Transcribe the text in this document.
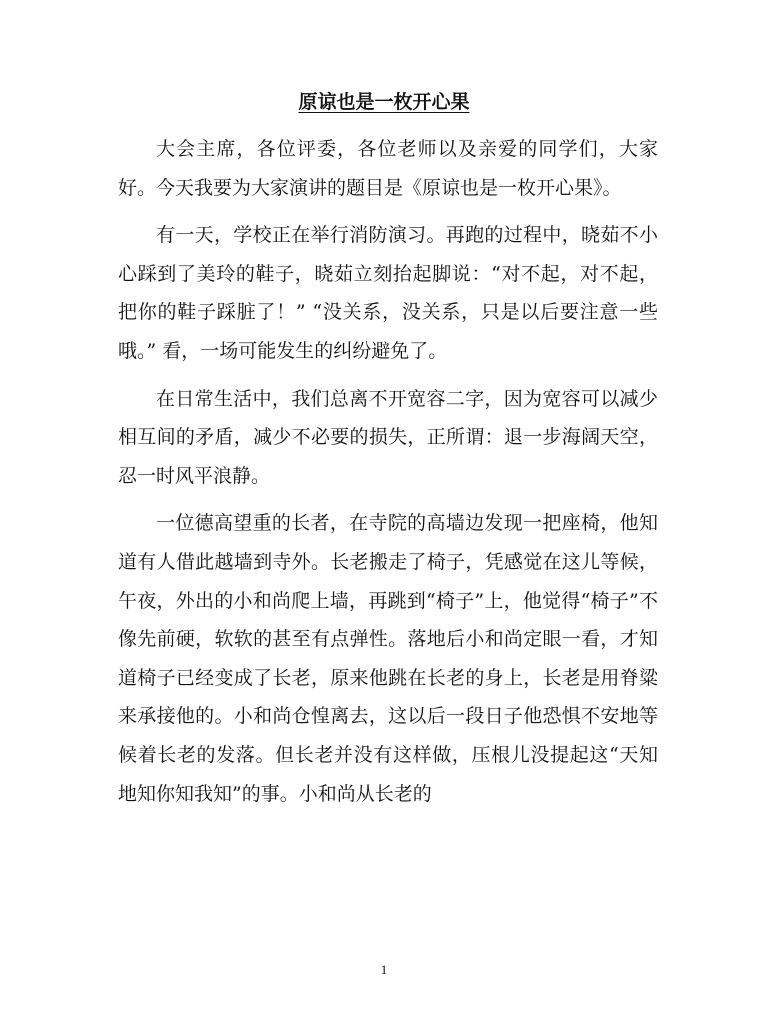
原谅也是一枚开心果

大会主席，各位评委，各位老师以及亲爱的同学们，大家好。今天我要为大家演讲的题目是《原谅也是一枚开心果》。

有一天，学校正在举行消防演习。再跑的过程中，晓茹不小心踩到了美玲的鞋子，晓茹立刻抬起脚说：“对不起，对不起，把你的鞋子踩脏了！” “没关系，没关系，只是以后要注意一些哦。” 看，一场可能发生的纠纷避免了。

在日常生活中，我们总离不开宽容二字，因为宽容可以减少相互间的矛盾，减少不必要的损失，正所谓：退一步海阔天空，忍一时风平浪静。

一位德高望重的长者，在寺院的高墙边发现一把座椅，他知道有人借此越墙到寺外。长老搬走了椅子，凭感觉在这儿等候，午夜，外出的小和尚爬上墙，再跳到“椅子”上，他觉得“椅子”不像先前硬，软软的甚至有点弹性。落地后小和尚定眼一看，才知道椅子已经变成了长老，原来他跳在长老的身上，长老是用脊粱来承接他的。小和尚仓惶离去，这以后一段日子他恐惧不安地等候着长老的发落。但长老并没有这样做，压根儿没提起这“天知地知你知我知”的事。小和尚从长老的

1
